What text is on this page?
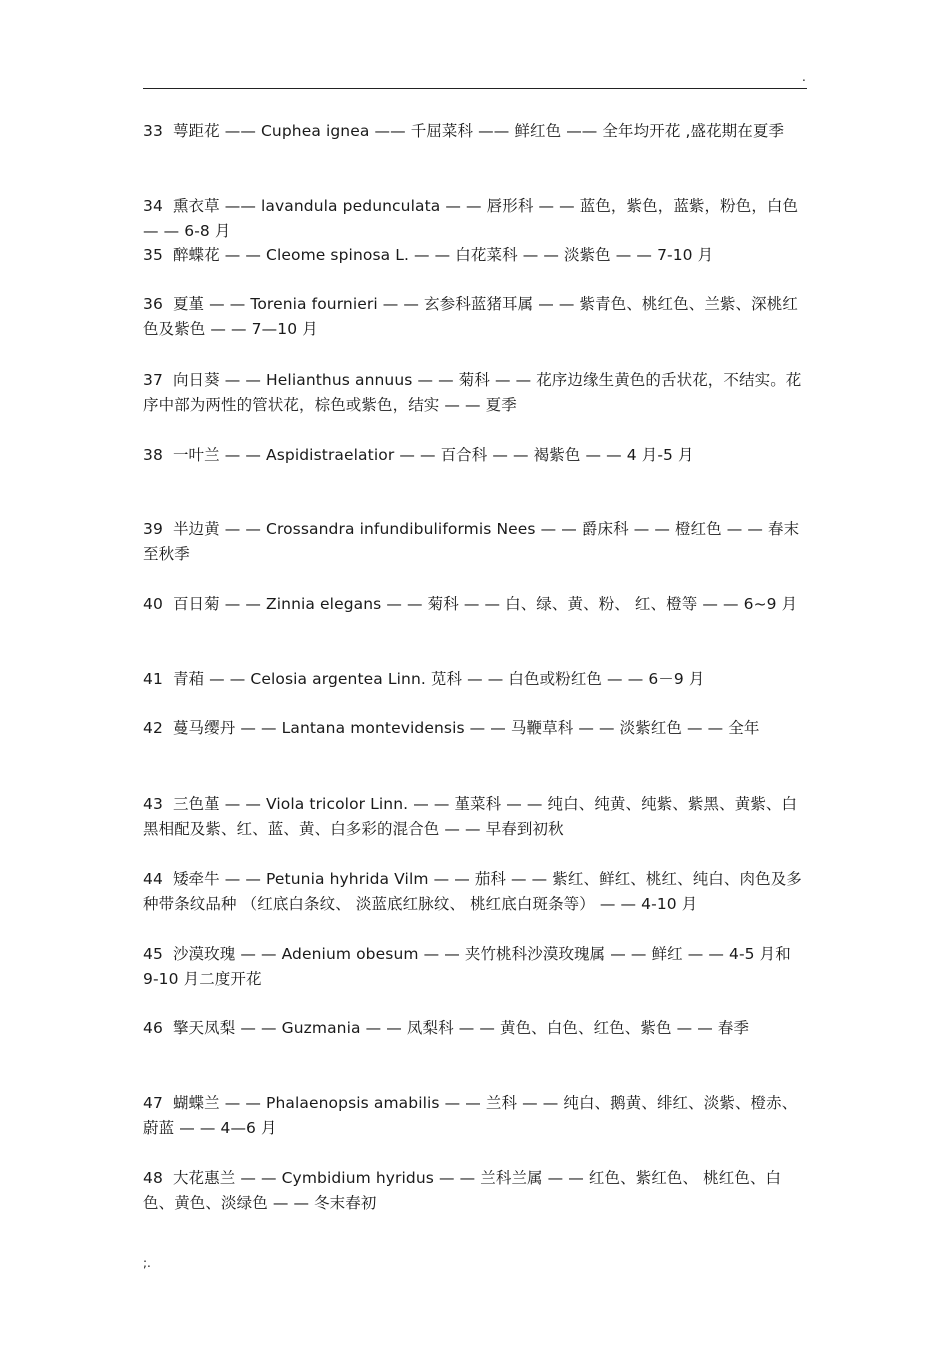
.
33 萼距花 —— Cuphea ignea —— 千屈菜科 —— 鲜红色 —— 全年均开花 ,盛花期在夏季
34 熏衣草 —— lavandula pedunculata — — 唇形科 — — 蓝色，紫色，蓝紫，粉色，白色 — — 6-8 月
35 醉蝶花 — — Cleome spinosa L. — — 白花菜科 — — 淡紫色 — — 7-10 月
36 夏堇 — — Torenia fournieri — — 玄参科蓝猪耳属 — — 紫青色、桃红色、兰紫、深桃红色及紫色 — — 7—10 月
37 向日葵 — — Helianthus annuus — — 菊科 — — 花序边缘生黄色的舌状花，不结实。花序中部为两性的管状花，棕色或紫色，结实 — — 夏季
38 一叶兰 — — Aspidistraelatior — — 百合科 — — 褐紫色 — — 4 月-5 月
39 半边黄 — — Crossandra infundibuliformis Nees — — 爵床科 — — 橙红色 — — 春末至秋季
40 百日菊 — — Zinnia elegans — — 菊科 — — 白、绿、黄、粉、 红、橙等 — — 6~9 月
41 青葙 — — Celosia argentea Linn. 苋科 — — 白色或粉红色 — — 6－9 月
42 蔓马缨丹 — — Lantana montevidensis — — 马鞭草科 — — 淡紫红色 — — 全年
43 三色堇 — — Viola tricolor Linn. — — 堇菜科 — — 纯白、纯黄、纯紫、紫黑、黄紫、白黑相配及紫、红、蓝、黄、白多彩的混合色 — — 早春到初秋
44 矮牵牛 — — Petunia hyhrida Vilm — — 茄科 — — 紫红、鲜红、桃红、纯白、肉色及多种带条纹品种 （红底白条纹、 淡蓝底红脉纹、 桃红底白斑条等） — — 4-10 月
45 沙漠玫瑰 — — Adenium obesum — — 夹竹桃科沙漠玫瑰属 — — 鲜红 — — 4-5 月和 9-10 月二度开花
46 擎天凤梨 — — Guzmania — — 凤梨科 — — 黄色、白色、红色、紫色 — — 春季
47 蝴蝶兰 — — Phalaenopsis amabilis — — 兰科 — — 纯白、鹅黄、绯红、淡紫、橙赤、蔚蓝 — — 4—6 月
48 大花惠兰 — — Cymbidium hyridus — — 兰科兰属 — — 红色、紫红色、 桃红色、白色、黄色、淡绿色 — — 冬末春初
;.
